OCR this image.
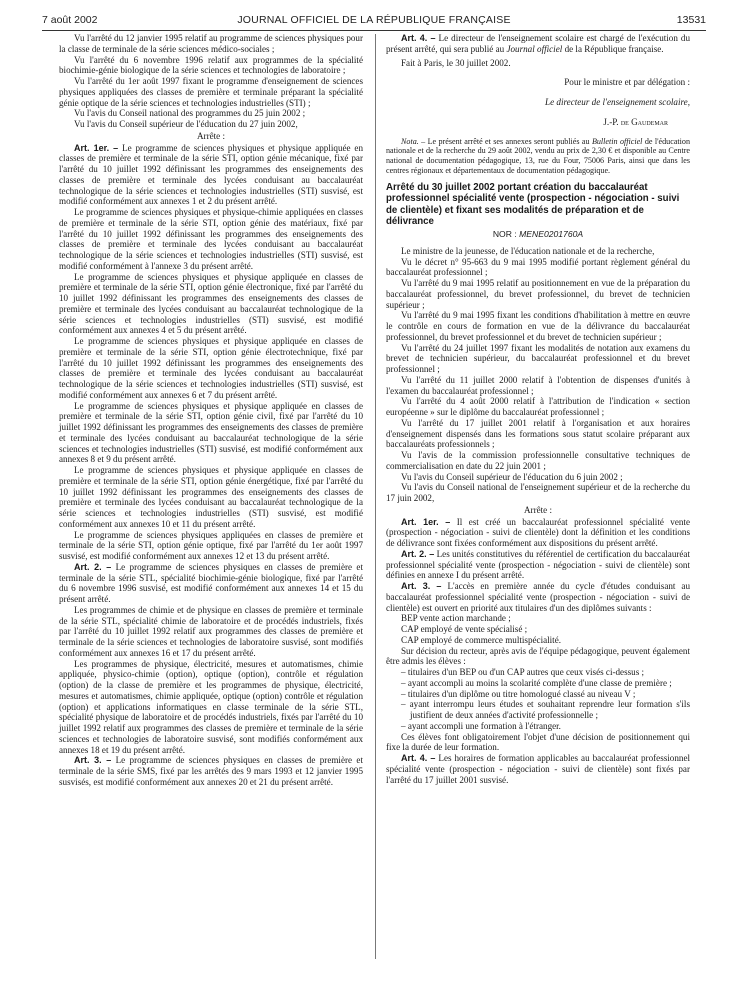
7 août 2002	JOURNAL OFFICIEL DE LA RÉPUBLIQUE FRANÇAISE	13531

Vu l'arrêté du 12 janvier 1995 relatif au programme de sciences physiques pour la classe de terminale de la série sciences médico-sociales ;

Vu l'arrêté du 6 novembre 1996 relatif aux programmes de la spécialité biochimie-génie biologique de la série sciences et technologies de laboratoire ;

Vu l'arrêté du 1er août 1997 fixant le programme d'enseignement de sciences physiques appliquées des classes de première et terminale préparant la spécialité génie optique de la série sciences et technologies industrielles (STI) ;

Vu l'avis du Conseil national des programmes du 25 juin 2002 ;

Vu l'avis du Conseil supérieur de l'éducation du 27 juin 2002,

Arrête :

Art. 1er. – Le programme de sciences physiques et physique appliquée en classes de première et terminale de la série STI, option génie mécanique, fixé par l'arrêté du 10 juillet 1992 définissant les programmes des enseignements des classes de première et terminale des lycées conduisant au baccalauréat technologique de la série sciences et technologies industrielles (STI) susvisé, est modifié conformément aux annexes 1 et 2 du présent arrêté.

Le programme de sciences physiques et physique-chimie appliquées en classes de première et terminale de la série STI, option génie des matériaux, fixé par l'arrêté du 10 juillet 1992 définissant les programmes des enseignements des classes de première et terminale des lycées conduisant au baccalauréat technologique de la série sciences et technologies industrielles (STI) susvisé, est modifié conformément à l'annexe 3 du présent arrêté.

Le programme de sciences physiques et physique appliquée en classes de première et terminale de la série STI, option génie électronique, fixé par l'arrêté du 10 juillet 1992 définissant les programmes des enseignements des classes de première et terminale des lycées conduisant au baccalauréat technologique de la série sciences et technologies industrielles (STI) susvisé, est modifié conformément aux annexes 4 et 5 du présent arrêté.

Le programme de sciences physiques et physique appliquée en classes de première et terminale de la série STI, option génie électrotechnique, fixé par l'arrêté du 10 juillet 1992 définissant les programmes des enseignements des classes de première et terminale des lycées conduisant au baccalauréat technologique de la série sciences et technologies industrielles (STI) susvisé, est modifié conformément aux annexes 6 et 7 du présent arrêté.

Le programme de sciences physiques et physique appliquée en classes de première et terminale de la série STI, option génie civil, fixé par l'arrêté du 10 juillet 1992 définissant les programmes des enseignements des classes de première et terminale des lycées conduisant au baccalauréat technologique de la série sciences et technologies industrielles (STI) susvisé, est modifié conformément aux annexes 8 et 9 du présent arrêté.

Le programme de sciences physiques et physique appliquée en classes de première et terminale de la série STI, option génie énergétique, fixé par l'arrêté du 10 juillet 1992 définissant les programmes des enseignements des classes de première et terminale des lycées conduisant au baccalauréat technologique de la série sciences et technologies industrielles (STI) susvisé, est modifié conformément aux annexes 10 et 11 du présent arrêté.

Le programme de sciences physiques appliquées en classes de première et terminale de la série STI, option génie optique, fixé par l'arrêté du 1er août 1997 susvisé, est modifié conformément aux annexes 12 et 13 du présent arrêté.

Art. 2. – Le programme de sciences physiques en classes de première et terminale de la série STL, spécialité biochimie-génie biologique, fixé par l'arrêté du 6 novembre 1996 susvisé, est modifié conformément aux annexes 14 et 15 du présent arrêté.

Les programmes de chimie et de physique en classes de première et terminale de la série STL, spécialité chimie de laboratoire et de procédés industriels, fixés par l'arrêté du 10 juillet 1992 relatif aux programmes des classes de première et terminale de la série sciences et technologies de laboratoire susvisé, sont modifiés conformément aux annexes 16 et 17 du présent arrêté.

Les programmes de physique, électricité, mesures et automatismes, chimie appliquée, physico-chimie (option), optique (option), contrôle et régulation (option) de la classe de première et les programmes de physique, électricité, mesures et automatismes, chimie appliquée, optique (option) contrôle et régulation (option) et applications informatiques en classe terminale de la série STL, spécialité physique de laboratoire et de procédés industriels, fixés par l'arrêté du 10 juillet 1992 relatif aux programmes des classes de première et terminale de la série sciences et technologies de laboratoire susvisé, sont modifiés conformément aux annexes 18 et 19 du présent arrêté.

Art. 3. – Le programme de sciences physiques en classes de première et terminale de la série SMS, fixé par les arrêtés des 9 mars 1993 et 12 janvier 1995 susvisés, est modifié conformément aux annexes 20 et 21 du présent arrêté.

Art. 4. – Le directeur de l'enseignement scolaire est chargé de l'exécution du présent arrêté, qui sera publié au Journal officiel de la République française.

Fait à Paris, le 30 juillet 2002.

Pour le ministre et par délégation :

Le directeur de l'enseignement scolaire,

J.-P. de Gaudemar

Nota. – Le présent arrêté et ses annexes seront publiés au Bulletin officiel de l'éducation nationale et de la recherche du 29 août 2002, vendu au prix de 2,30 € et disponible au Centre national de documentation pédagogique, 13, rue du Four, 75006 Paris, ainsi que dans les centres régionaux et départementaux de documentation pédagogique.

Arrêté du 30 juillet 2002 portant création du baccalauréat professionnel spécialité vente (prospection - négociation - suivi de clientèle) et fixant ses modalités de préparation et de délivrance

NOR : MENE0201760A

Le ministre de la jeunesse, de l'éducation nationale et de la recherche,

Vu le décret n° 95-663 du 9 mai 1995 modifié portant règlement général du baccalauréat professionnel ;

Vu l'arrêté du 9 mai 1995 relatif au positionnement en vue de la préparation du baccalauréat professionnel, du brevet professionnel, du brevet de technicien supérieur ;

Vu l'arrêté du 9 mai 1995 fixant les conditions d'habilitation à mettre en œuvre le contrôle en cours de formation en vue de la délivrance du baccalauréat professionnel, du brevet professionnel et du brevet de technicien supérieur ;

Vu l'arrêté du 24 juillet 1997 fixant les modalités de notation aux examens du brevet de technicien supérieur, du baccalauréat professionnel et du brevet professionnel ;

Vu l'arrêté du 11 juillet 2000 relatif à l'obtention de dispenses d'unités à l'examen du baccalauréat professionnel ;

Vu l'arrêté du 4 août 2000 relatif à l'attribution de l'indication « section européenne » sur le diplôme du baccalauréat professionnel ;

Vu l'arrêté du 17 juillet 2001 relatif à l'organisation et aux horaires d'enseignement dispensés dans les formations sous statut scolaire préparant aux baccalauréats professionnels ;

Vu l'avis de la commission professionnelle consultative techniques de commercialisation en date du 22 juin 2001 ;

Vu l'avis du Conseil supérieur de l'éducation du 6 juin 2002 ;

Vu l'avis du Conseil national de l'enseignement supérieur et de la recherche du 17 juin 2002,

Arrête :

Art. 1er. – Il est créé un baccalauréat professionnel spécialité vente (prospection - négociation - suivi de clientèle) dont la définition et les conditions de délivrance sont fixées conformément aux dispositions du présent arrêté.

Art. 2. – Les unités constitutives du référentiel de certification du baccalauréat professionnel spécialité vente (prospection - négociation - suivi de clientèle) sont définies en annexe I du présent arrêté.

Art. 3. – L'accès en première année du cycle d'études conduisant au baccalauréat professionnel spécialité vente (prospection - négociation - suivi de clientèle) est ouvert en priorité aux titulaires d'un des diplômes suivants :

BEP vente action marchande ;

CAP employé de vente spécialisé ;

CAP employé de commerce multispécialité.

Sur décision du recteur, après avis de l'équipe pédagogique, peuvent également être admis les élèves :

– titulaires d'un BEP ou d'un CAP autres que ceux visés ci-dessus ;

– ayant accompli au moins la scolarité complète d'une classe de première ;

– titulaires d'un diplôme ou titre homologué classé au niveau V ;

– ayant interrompu leurs études et souhaitant reprendre leur formation s'ils justifient de deux années d'activité professionnelle ;

– ayant accompli une formation à l'étranger.

Ces élèves font obligatoirement l'objet d'une décision de positionnement qui fixe la durée de leur formation.

Art. 4. – Les horaires de formation applicables au baccalauréat professionnel spécialité vente (prospection - négociation - suivi de clientèle) sont fixés par l'arrêté du 17 juillet 2001 susvisé.
